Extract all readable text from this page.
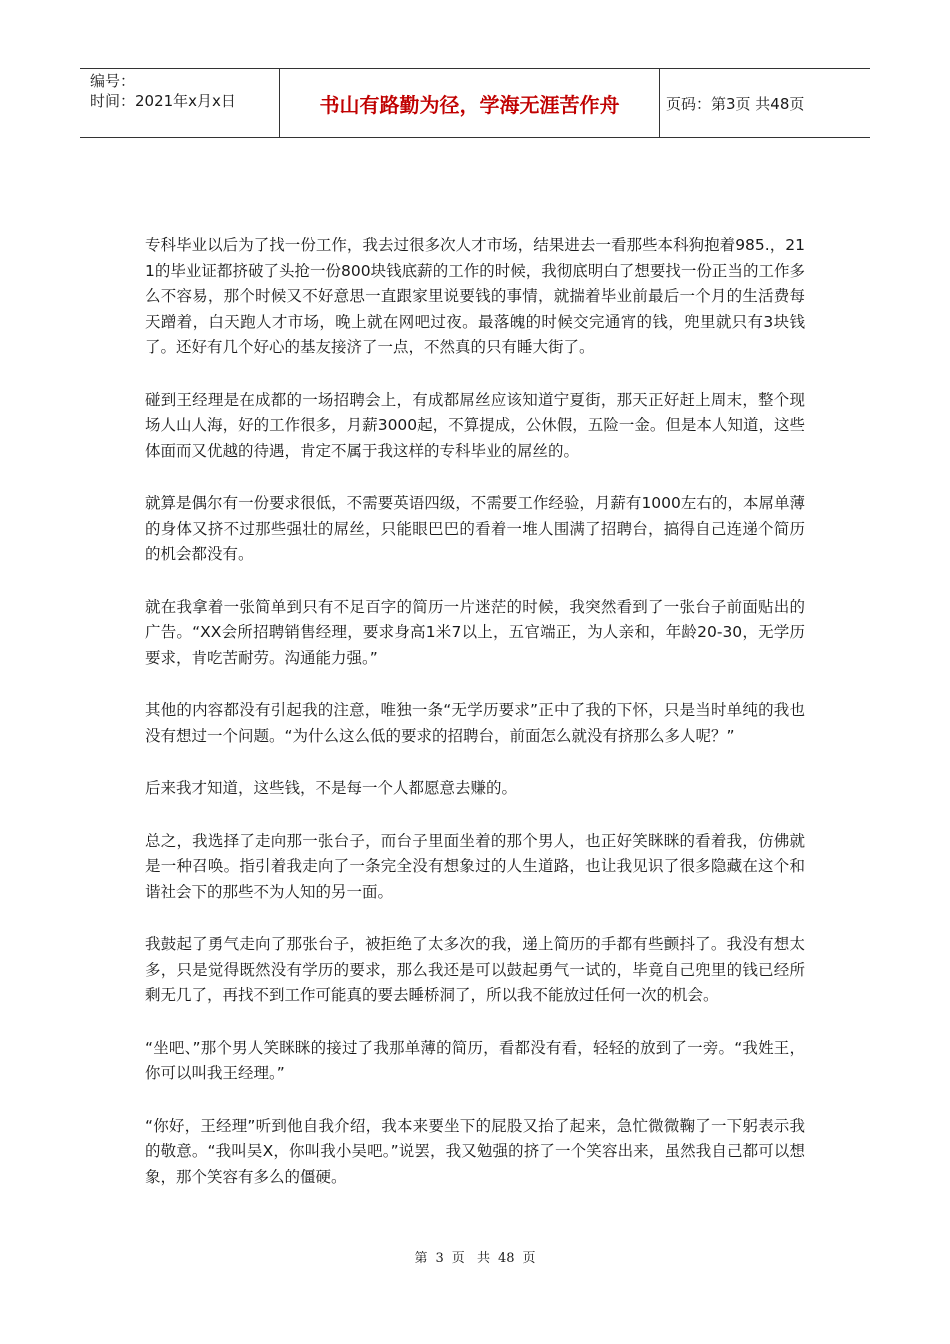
编号：
时间：2021年x月x日	书山有路勤为径，学海无涯苦作舟	页码：第3页 共48页

专科毕业以后为了找一份工作，我去过很多次人才市场，结果进去一看那些本科狗抱着985.，211的毕业证都挤破了头抢一份800块钱底薪的工作的时候，我彻底明白了想要找一份正当的工作多么不容易，那个时候又不好意思一直跟家里说要钱的事情，就揣着毕业前最后一个月的生活费每天蹭着，白天跑人才市场，晚上就在网吧过夜。最落魄的时候交完通宵的钱，兜里就只有3块钱了。还好有几个好心的基友接济了一点，不然真的只有睡大街了。

碰到王经理是在成都的一场招聘会上，有成都屌丝应该知道宁夏街，那天正好赶上周末，整个现场人山人海，好的工作很多，月薪3000起，不算提成，公休假，五险一金。但是本人知道，这些体面而又优越的待遇，肯定不属于我这样的专科毕业的屌丝的。

就算是偶尔有一份要求很低，不需要英语四级，不需要工作经验，月薪有1000左右的，本屌单薄的身体又挤不过那些强壮的屌丝，只能眼巴巴的看着一堆人围满了招聘台，搞得自己连递个简历的机会都没有。

就在我拿着一张简单到只有不足百字的简历一片迷茫的时候，我突然看到了一张台子前面贴出的广告。“XX会所招聘销售经理，要求身高1米7以上，五官端正，为人亲和，年龄20-30，无学历要求，肯吃苦耐劳。沟通能力强。”

其他的内容都没有引起我的注意，唯独一条“无学历要求”正中了我的下怀，只是当时单纯的我也没有想过一个问题。“为什么这么低的要求的招聘台，前面怎么就没有挤那么多人呢？”

后来我才知道，这些钱，不是每一个人都愿意去赚的。

总之，我选择了走向那一张台子，而台子里面坐着的那个男人，也正好笑眯眯的看着我，仿佛就是一种召唤。指引着我走向了一条完全没有想象过的人生道路，也让我见识了很多隐藏在这个和谐社会下的那些不为人知的另一面。

我鼓起了勇气走向了那张台子，被拒绝了太多次的我，递上简历的手都有些颤抖了。我没有想太多，只是觉得既然没有学历的要求，那么我还是可以鼓起勇气一试的，毕竟自己兜里的钱已经所剩无几了，再找不到工作可能真的要去睡桥洞了，所以我不能放过任何一次的机会。

“坐吧、”那个男人笑眯眯的接过了我那单薄的简历，看都没有看，轻轻的放到了一旁。“我姓王，你可以叫我王经理。”

“你好，王经理”听到他自我介绍，我本来要坐下的屁股又抬了起来，急忙微微鞠了一下躬表示我的敬意。“我叫吴X，你叫我小吴吧。”说罢，我又勉强的挤了一个笑容出来，虽然我自己都可以想象，那个笑容有多么的僵硬。

第 3 页 共 48 页
